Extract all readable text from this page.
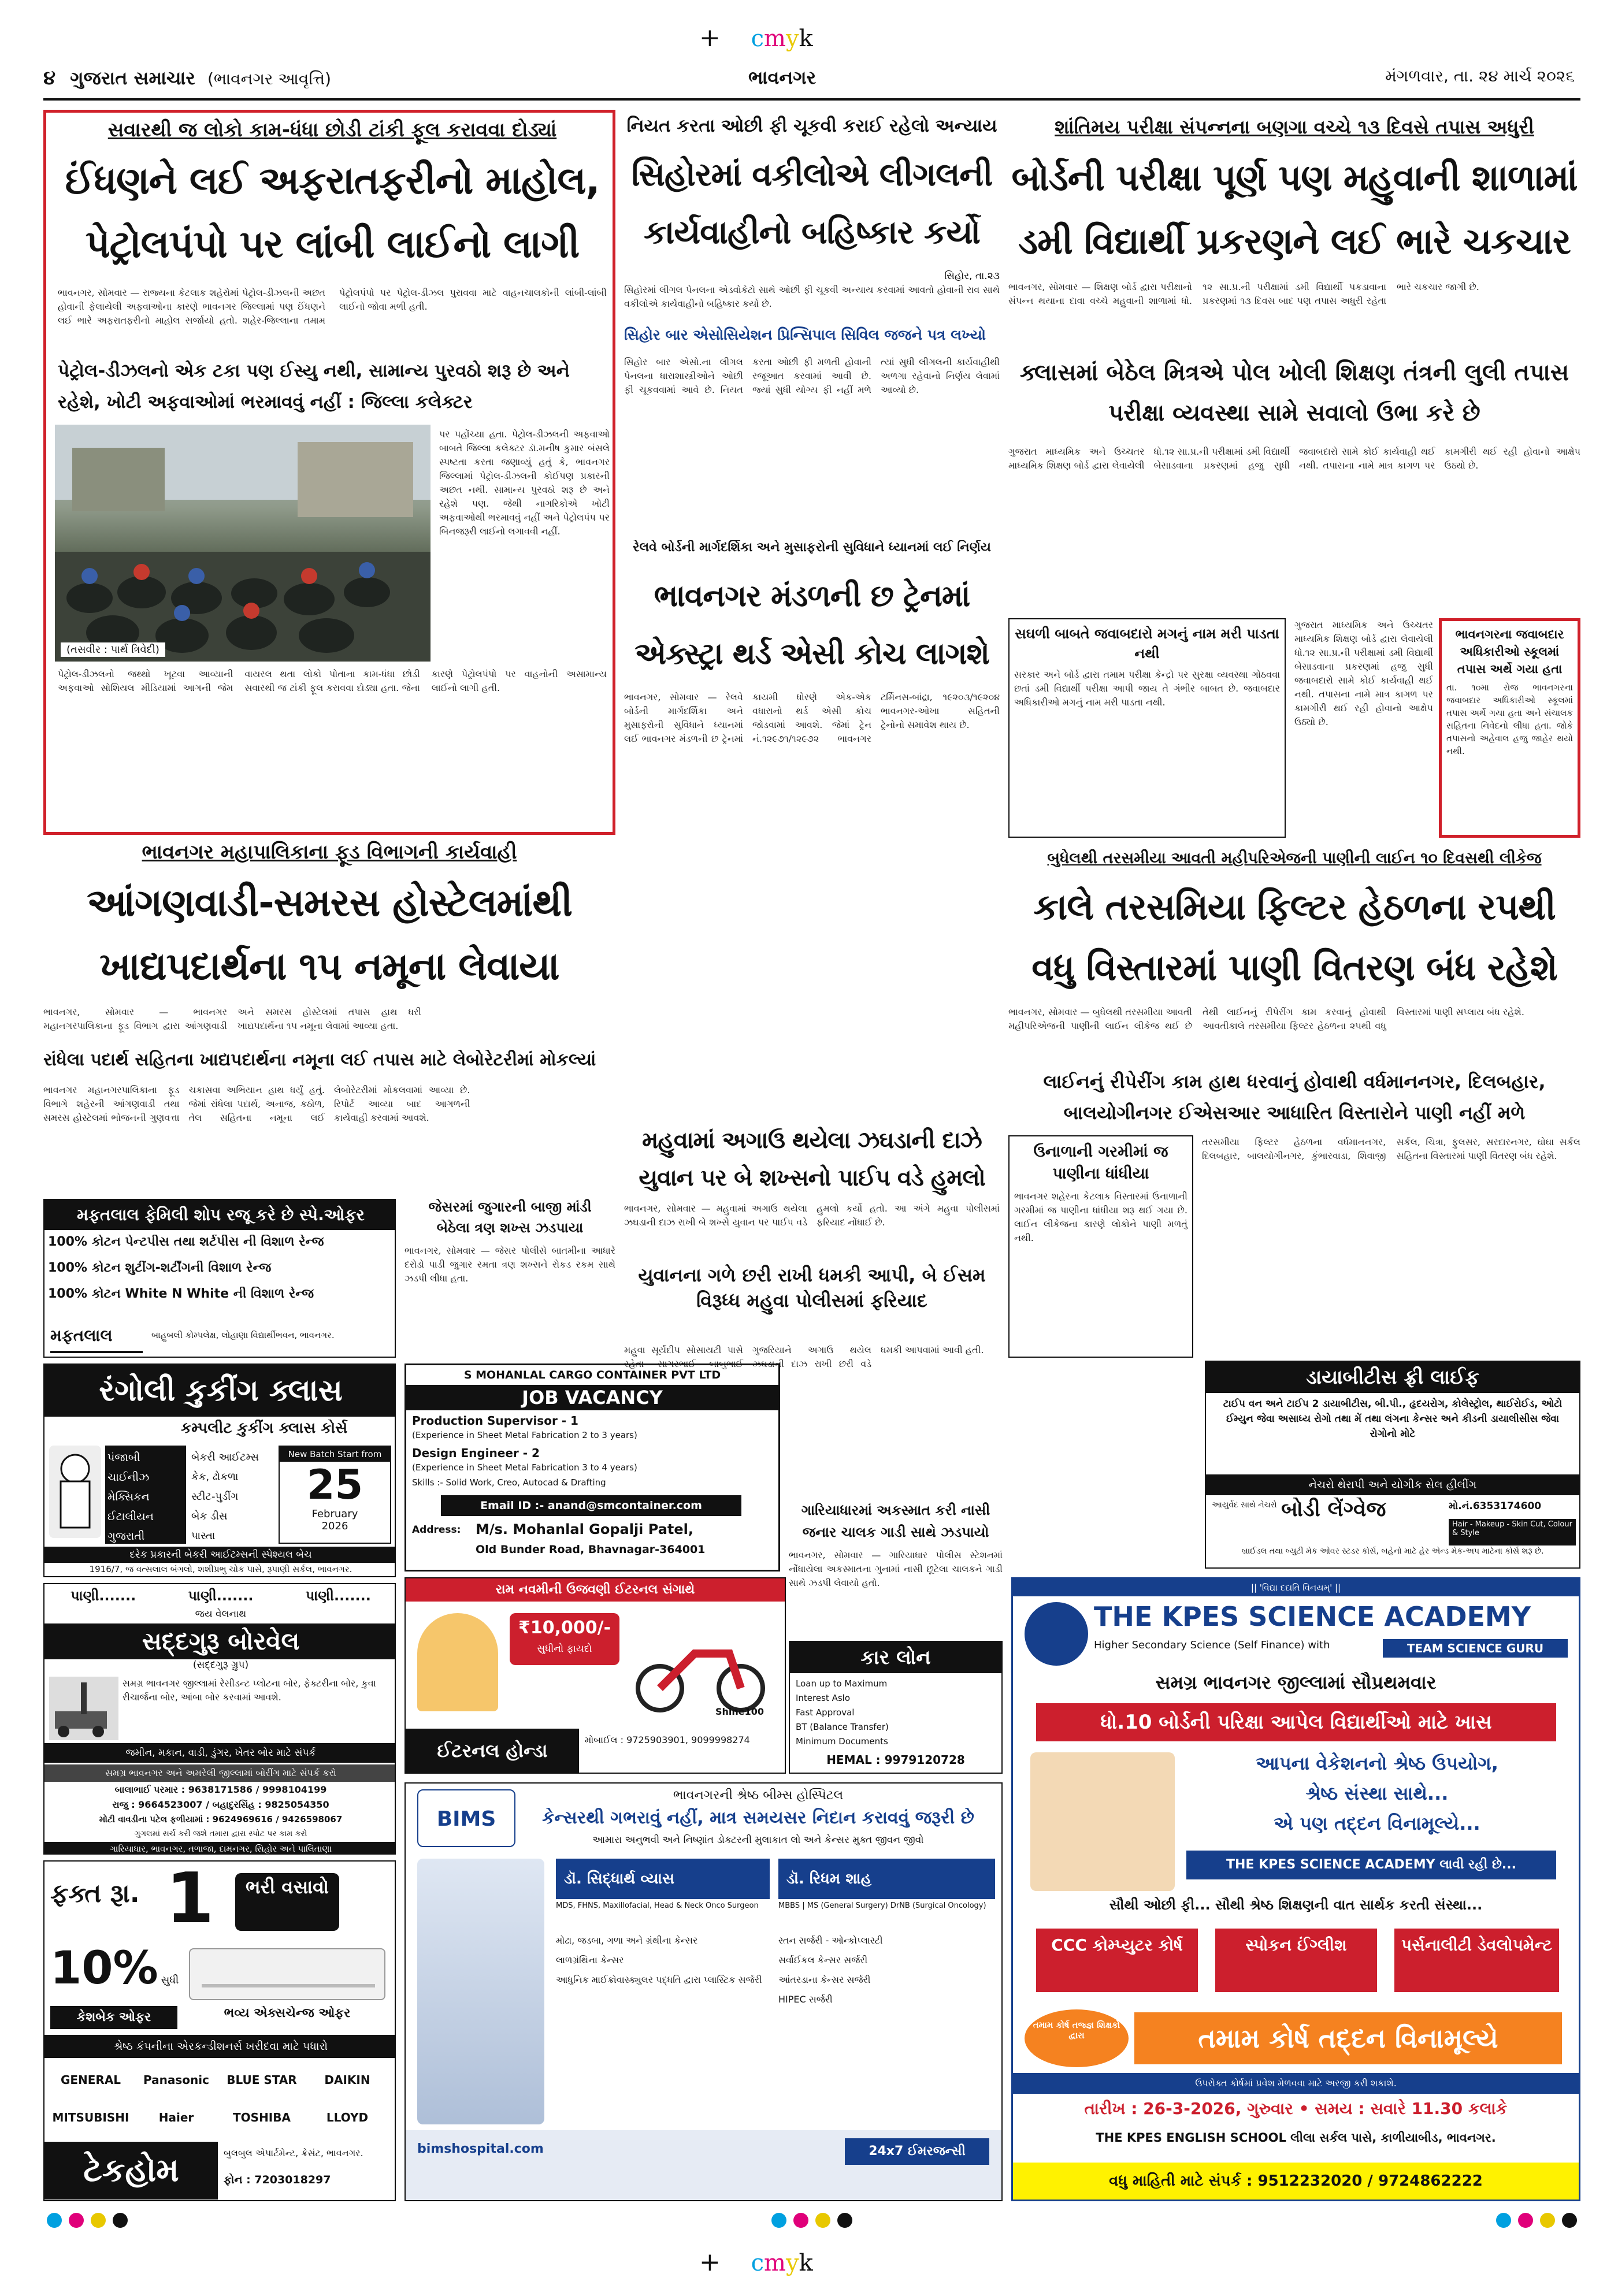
+ cmyk
૪ ગુજરાત સમાચાર (ભાવનગર આવૃત્તિ)	ભાવનગર	મંગળવાર, તા. ૨૪ માર્ચ ૨૦૨૬
સવારથી જ લોકો કામ-ધંધા છોડી ટાંકી ફૂલ કરાવવા દોડ્યાં
ઈંધણને લઈ અફરાતફરીનો માહોલ,
પેટ્રોલપંપો પર લાંબી લાઈનો લાગી
ભાવનગર, સોમવાર — રાજ્યના કેટલાક શહેરોમાં પેટ્રોલ-ડીઝલની અછત હોવાની ફેલાયેલી અફવાઓના કારણે ભાવનગર જિલ્લામાં પણ ઈંધણને લઈ ભારે અફરાતફરીનો માહોલ સર્જાયો હતો. શહેર-જિલ્લાના તમામ પેટ્રોલપંપો પર પેટ્રોલ-ડીઝલ પુરાવવા માટે વાહનચાલકોની લાંબી-લાંબી લાઈનો જોવા મળી હતી.
પેટ્રોલ-ડીઝલનો એક ટકા પણ ઈસ્યુ નથી, સામાન્ય પુરવઠો શરૂ છે અને રહેશે, ખોટી અફવાઓમાં ભરમાવવું નહીં : જિલ્લા કલેક્ટર
(તસવીર : પાર્થ ત્રિવેદી)
પર પહોંચ્યા હતા. પેટ્રોલ-ડીઝલની અફવાઓ બાબતે જિલ્લા કલેક્ટર ડૉ.મનીષ કુમાર બંસલે સ્પષ્ટતા કરતા જણાવ્યું હતું કે, ભાવનગર જિલ્લામાં પેટ્રોલ-ડીઝલની કોઈપણ પ્રકારની અછત નથી. સામાન્ય પુરવઠો શરૂ છે અને રહેશે પણ. જેથી નાગરિકોએ ખોટી અફવાઓથી ભરમાવવું નહીં અને પેટ્રોલપંપ પર બિનજરૂરી લાઈનો લગાવવી નહીં.
પેટ્રોલ-ડીઝલનો જથ્થો ખૂટવા આવ્યાની અફવાઓ સોશિયલ મીડિયામાં આગની જેમ વાયરલ થતા લોકો પોતાના કામ-ધંધા છોડી સવારથી જ ટાંકી ફૂલ કરાવવા દોડ્યા હતા. જેના કારણે પેટ્રોલપંપો પર વાહનોની અસામાન્ય લાઈનો લાગી હતી.
નિયત કરતા ઓછી ફી ચૂકવી કરાઈ રહેલો અન્યાય
સિહોરમાં વકીલોએ લીગલની
કાર્યવાહીનો બહિષ્કાર કર્યો
સિહોર, તા.૨૩
સિહોરમાં લીગલ પેનલના એડવોકેટો સાથે ઓછી ફી ચૂકવી અન્યાય કરવામાં આવતો હોવાની રાવ સાથે વકીલોએ કાર્યવાહીનો બહિષ્કાર કર્યો છે.
સિહોર બાર એસોસિયેશન પ્રિન્સિપાલ સિવિલ જજને પત્ર લખ્યો
સિહોર બાર એસો.ના લીગલ પેનલના ધારાશાસ્ત્રીઓને ઓછી ફી ચૂકવવામાં આવે છે. નિયત કરતા ઓછી ફી મળતી હોવાની રજૂઆત કરવામાં આવી છે. જ્યાં સુધી યોગ્ય ફી નહીં મળે ત્યાં સુધી લીગલની કાર્યવાહીથી અળગા રહેવાનો નિર્ણય લેવામાં આવ્યો છે.
શાંતિમય પરીક્ષા સંપન્નના બણગા વચ્ચે ૧૩ દિવસે તપાસ અધુરી
બોર્ડની પરીક્ષા પૂર્ણ પણ મહુવાની શાળામાં
ડમી વિદ્યાર્થી પ્રકરણને લઈ ભારે ચકચાર
ભાવનગર, સોમવાર — શિક્ષણ બોર્ડ દ્વારા પરીક્ષાનો સંપન્ન થયાના દાવા વચ્ચે મહુવાની શાળામાં ધો. ૧૨ સા.પ્ર.ની પરીક્ષામાં ડમી વિદ્યાર્થી પકડાવાના પ્રકરણમાં ૧૩ દિવસ બાદ પણ તપાસ અધુરી રહેતા ભારે ચકચાર જાગી છે.
ક્લાસમાં બેઠેલ મિત્રએ પોલ ખોલી શિક્ષણ તંત્રની લુલી તપાસ પરીક્ષા વ્યવસ્થા સામે સવાલો ઉભા કરે છે
ગુજરાત માધ્યમિક અને ઉચ્ચતર માધ્યમિક શિક્ષણ બોર્ડ દ્વારા લેવાયેલી ધો.૧૨ સા.પ્ર.ની પરીક્ષામાં ડમી વિદ્યાર્થી બેસાડવાના પ્રકરણમાં હજુ સુધી જવાબદારો સામે કોઈ કાર્યવાહી થઈ નથી. તપાસના નામે માત્ર કાગળ પર કામગીરી થઈ રહી હોવાનો આક્ષેપ ઉઠ્યો છે.
સઘળી બાબતે જવાબદારો મગનું નામ મરી પાડતા નથી
સરકાર અને બોર્ડ દ્વારા તમામ પરીક્ષા કેન્દ્રો પર સુરક્ષા વ્યવસ્થા ગોઠવવા છતાં ડમી વિદ્યાર્થી પરીક્ષા આપી જાય તે ગંભીર બાબત છે. જવાબદાર અધિકારીઓ મગનું નામ મરી પાડતા નથી.
ગુજરાત માધ્યમિક અને ઉચ્ચતર માધ્યમિક શિક્ષણ બોર્ડ દ્વારા લેવાયેલી ધો.૧૨ સા.પ્ર.ની પરીક્ષામાં ડમી વિદ્યાર્થી બેસાડવાના પ્રકરણમાં હજુ સુધી જવાબદારો સામે કોઈ કાર્યવાહી થઈ નથી. તપાસના નામે માત્ર કાગળ પર કામગીરી થઈ રહી હોવાનો આક્ષેપ ઉઠ્યો છે.
ભાવનગરના જવાબદાર અધિકારીઓ સ્કૂલમાં તપાસ અર્થે ગયા હતા
તા. ૧૦મા રોજ ભાવનગરના જવાબદાર અધિકારીઓ સ્કૂલમાં તપાસ અર્થે ગયા હતા અને સંચાલક સહિતના નિવેદનો લીધા હતા. જોકે તપાસનો અહેવાલ હજુ જાહેર થયો નથી.
રેલવે બોર્ડની માર્ગદર્શિકા અને મુસાફરોની સુવિધાને ધ્યાનમાં લઈ નિર્ણય
ભાવનગર મંડળની છ ટ્રેનમાં
એક્સ્ટ્રા થર્ડ એસી કોચ લાગશે
ભાવનગર, સોમવાર — રેલવે બોર્ડની માર્ગદર્શિકા અને મુસાફરોની સુવિધાને ધ્યાનમાં લઈ ભાવનગર મંડળની છ ટ્રેનમાં કાયમી ધોરણે એક-એક વધારાનો થર્ડ એસી કોચ જોડવામાં આવશે. જેમાં ટ્રેન નં.૧૨૯૭૧/૧૨૯૭૨ ભાવનગર ટર્મિનસ-બાંદ્રા, ૧૯૨૦૩/૧૯૨૦૪ ભાવનગર-ઓખા સહિતની ટ્રેનોનો સમાવેશ થાય છે.
ભાવનગર મહાપાલિકાના ફૂડ વિભાગની કાર્યવાહી
આંગણવાડી-સમરસ હોસ્ટેલમાંથી
ખાદ્યપદાર્થના ૧૫ નમૂના લેવાયા
ભાવનગર, સોમવાર — ભાવનગર મહાનગરપાલિકાના ફૂડ વિભાગ દ્વારા આંગણવાડી અને સમરસ હોસ્ટેલમાં તપાસ હાથ ધરી ખાદ્યપદાર્થના ૧૫ નમૂના લેવામાં આવ્યા હતા.
રાંધેલા પદાર્થ સહિતના ખાદ્યપદાર્થના નમૂના લઈ તપાસ માટે લેબોરેટરીમાં મોકલ્યાં
ભાવનગર મહાનગરપાલિકાના ફૂડ વિભાગે શહેરની આંગણવાડી તથા સમરસ હોસ્ટેલમાં ભોજનની ગુણવત્તા ચકાસવા અભિયાન હાથ ધર્યું હતું. જેમાં રાંધેલા પદાર્થ, અનાજ, કઠોળ, તેલ સહિતના નમૂના લઈ લેબોરેટરીમાં મોકલવામાં આવ્યા છે. રિપોર્ટ આવ્યા બાદ આગળની કાર્યવાહી કરવામાં આવશે.
બુધેલથી તરસમીયા આવતી મહીપરિએજની પાણીની લાઈન ૧૦ દિવસથી લીકેજ
કાલે તરસમિયા ફિલ્ટર હેઠળના રપથી
વધુ વિસ્તારમાં પાણી વિતરણ બંધ રહેશે
ભાવનગર, સોમવાર — બુધેલથી તરસમીયા આવતી મહીપરિએજની પાણીની લાઈન લીકેજ થઈ છે તેથી લાઈનનું રીપેરીંગ કામ કરવાનું હોવાથી આવતીકાલે તરસમીયા ફિલ્ટર હેઠળના ૨૫થી વધુ વિસ્તારમાં પાણી સપ્લાય બંધ રહેશે.
લાઈનનું રીપેરીંગ કામ હાથ ધરવાનું હોવાથી વર્ધમાનનગર, દિલબહાર, બાલયોગીનગર ઈએસઆર આધારિત વિસ્તારોને પાણી નહીં મળે
ઉનાળાની ગરમીમાં જ પાણીના ધાંધીયા
ભાવનગર શહેરના કેટલાક વિસ્તારમાં ઉનાળાની ગરમીમાં જ પાણીના ધાંધીયા શરૂ થઈ ગયા છે. લાઈન લીકેજના કારણે લોકોને પાણી મળતું નથી.
તરસમીયા ફિલ્ટર હેઠળના વર્ધમાનનગર, દિલબહાર, બાલયોગીનગર, કુંભારવાડા, શિવાજી સર્કલ, ચિત્રા, ફુલસર, સરદારનગર, ઘોઘા સર્કલ સહિતના વિસ્તારમાં પાણી વિતરણ બંધ રહેશે.
મહુવામાં અગાઉ થયેલા ઝઘડાની દાઝે
યુવાન પર બે શખ્સનો પાઈપ વડે હુમલો
ભાવનગર, સોમવાર — મહુવામાં અગાઉ થયેલા ઝઘડાની દાઝ રાખી બે શખ્સે યુવાન પર પાઈપ વડે હુમલો કર્યો હતો. આ અંગે મહુવા પોલીસમાં ફરિયાદ નોંધાઈ છે.
યુવાનના ગળે છરી રાખી ધમકી આપી, બે ઈસમ વિરૂધ્ધ મહુવા પોલીસમાં ફરિયાદ
મહુવા સૂર્યદીપ સોસાયટી પાસે રહેતા સાગરભાઈ બાબુભાઈ ગુજરિયાને અગાઉ થયેલ ઝઘડાની દાઝ રાખી છરી વડે ધમકી આપવામાં આવી હતી.
જેસરમાં જુગારની બાજી માંડી
બેઠેલા ત્રણ શખ્સ ઝડપાયા
ભાવનગર, સોમવાર — જેસર પોલીસે બાતમીના આધારે દરોડો પાડી જુગાર રમતા ત્રણ શખ્સને રોકડ રકમ સાથે ઝડપી લીધા હતા.
મફતલાલ ફેમિલી શોપ રજૂ કરે છે સ્પે.ઓફર
100% કોટન પેન્ટપીસ તથા શર્ટપીસ ની વિશાળ રેન્જ
100% કોટન શુટીંગ-શર્ટીંગની વિશાળ રેન્જ
100% કોટન White N White ની વિશાળ રેન્જ
મફતલાલ	બાહુબલી કોમ્પલેક્ષ, લોહાણા વિદ્યાર્થીભવન, ભાવનગર.
રંગોલી કુકીંગ ક્લાસ
કમ્પલીટ કુકીંગ ક્લાસ કોર્સ
પંજાબી
ચાઈનીઝ
મેક્સિકન
ઈટાલીયન
ગુજરાતી
બેકરી આઈટમ્સ
કેક, ઢોકળા
સ્ટીટ-પુડીંગ
બેક ડીસ
પાસ્તા
New Batch Start from
25
February
2026
દરેક પ્રકારની બેકરી આઈટમ્સની સ્પેશ્યલ બેચ
1916/7, જ વત્સલાલ બંગલો, શશીપ્રભુ ચોક પાસે, રૂપાણી સર્કલ, ભાવનગર.
પાણી.......	પાણી.......	પાણી.......
જય વેલનાથ
સદ્દગુરૂ બોરવેલ
(સદ્દગુરૂ ગ્રુપ)
સમગ્ર ભાવનગર જીલ્લામાં રેસીડન્ટ પ્લોટના બોર, ફેક્ટરીના બોર, કુવા રીચાર્જના બોર, આંબા બોર કરવામાં આવશે.
જમીન, મકાન, વાડી, ડુંગર, ખેતર બોર માટે સંપર્ક
સમગ્ર ભાવનગર અને અમરેલી જીલ્લામાં બોરીંગ માટે સંપર્ક કરો
બાલાભાઈ પરમાર : 9638171586 / 9998104199
રાજુ : 9664523007 / બહાદુરસિંહ : 9825054350
મોટી વાવડીના પટેલ ફળીયામાં : 9624969616 / 9426598067
ગુગલમાં સર્ચ કરી જશે તમારા દ્વારા સ્પોટ પર કામ કરો
ગારિયાધાર, ભાવનગર, તળાજા, દામનગર, સિહોર અને પાલિતાણા
ફક્ત રૂા. 1	ભરી વસાવો
10% સુધી
કેશબેક ઓફર	ભવ્ય એક્સચેન્જ ઓફર
શ્રેષ્ઠ કંપનીના એરકન્ડીશનર્સ ખરીદવા માટે પધારો
GENERAL	Panasonic	BLUE STAR	DAIKIN
MITSUBISHI	Haier	TOSHIBA	LLOYD
ટેકહોમ	બુલબુલ એપાર્ટમેન્ટ, ક્રેસંટ, ભાવનગર.
ફોન : 7203018297
S MOHANLAL CARGO CONTAINER PVT LTD
JOB VACANCY
Production Supervisor - 1
(Experience in Sheet Metal Fabrication 2 to 3 years)
Design Engineer - 2
(Experience in Sheet Metal Fabrication 3 to 4 years)
Skills :- Solid Work, Creo, Autocad & Drafting
Email ID :- anand@smcontainer.com
Address:	M/s. Mohanlal Gopalji Patel,
Old Bunder Road, Bhavnagar-364001
રામ નવમીની ઉજવણી ઈટરનલ સંગાથે
₹10,000/-
સુધીનો ફાયદો
Shine100
ઈટરનલ હોન્ડા	મોબાઈલ : 9725903901, 9099998274
કાર લોન
Loan up to Maximum
Interest Aslo
Fast Approval
BT (Balance Transfer)
Minimum Documents
HEMAL : 9979120728
ગારિયાધારમાં અકસ્માત કરી નાસી
જનાર ચાલક ગાડી સાથે ઝડપાયો
ભાવનગર, સોમવાર — ગારિયાધાર પોલીસ સ્ટેશનમાં નોંધાયેલા અકસ્માતના ગુનામાં નાસી છૂટેલા ચાલકને ગાડી સાથે ઝડપી લેવાયો હતો.
ભાવનગરની શ્રેષ્ઠ બીમ્સ હોસ્પિટલ
BIMS	કેન્સરથી ગભરાવું નહીં, માત્ર સમયસર નિદાન કરાવવું જરૂરી છે
આમારા અનુભવી અને નિષ્ણાંત ડોક્ટરની મુલાકાત લો અને કેન્સર મુક્ત જીવન જીવો
ડૉ. સિદ્ધાર્થ વ્યાસ
MDS, FHNS, Maxillofacial, Head & Neck Onco Surgeon
ડૉ. રિધમ શાહ
MBBS | MS (General Surgery) DrNB (Surgical Oncology)
મોઢા, જડબા, ગળા અને ગ્રંથીના કેન્સર
લાળગ્રંથિના કેન્સર
આધુનિક માઈક્રોવાસ્ક્યુલર પદ્ધતિ દ્વારા પ્લાસ્ટિક સર્જરી
સ્તન સર્જરી - ઓન્કોપ્લાસ્ટી
સર્વાઈકલ કેન્સર સર્જરી
આંતરડાના કેન્સર સર્જરી
HIPEC સર્જરી
bimshospital.com	24x7 ઈમરજન્સી
ડાયાબીટીસ ફ્રી લાઈફ
ટાઈપ વન અને ટાઈપ 2 ડાયાબીટીસ, બી.પી., હૃદયરોગ, કોલેસ્ટ્રોલ, થાઈરોઈડ, ઓટો ઈમ્યુન જેવા અસાધ્ય રોગો તથા મેં તથા લંગના કેન્સર અને કીડની ડાયાલીસીસ જેવા રોગોનો મોટે
નેચરો થેરાપી અને યોગીક સેલ હીલીંગ
આયુર્વેદ સાથે નેચરો બોડી લેંગ્વેજ	મો.નં.6353174600
Hair - Makeup - Skin Cut, Colour & Style
બ્રાઈડલ તથા બ્યુટી મેક ઓવર સ્ટડર કોર્સ, બહેનો માટે હેર એન્ડ મેક-અપ માટેના કોર્સ શરૂ છે.
|| 'વિદ્યા દદાતિ વિનયમ્' ||
THE KPES SCIENCE ACADEMY
Higher Secondary Science (Self Finance) with	TEAM SCIENCE GURU
સમગ્ર ભાવનગર જીલ્લામાં સૌપ્રથમવાર
ધો.10 બોર્ડની પરિક્ષા આપેલ વિદ્યાર્થીઓ માટે ખાસ
આપના વેકેશનનો શ્રેષ્ઠ ઉપયોગ,
શ્રેષ્ઠ સંસ્થા સાથે...
એ પણ તદ્દન વિનામૂલ્યે...
THE KPES SCIENCE ACADEMY લાવી રહી છે...
સૌથી ઓછી ફી... સૌથી શ્રેષ્ઠ શિક્ષણની વાત સાર્થક કરતી સંસ્થા...
CCC કોમ્પ્યુટર કોર્ષ	સ્પોકન ઈંગ્લીશ	પર્સનાલીટી ડેવલોપમેન્ટ
તમામ કોર્ષ તજ્જ્ઞ શિક્ષકો દ્વારા	તમામ કોર્ષ તદ્દન વિનામૂલ્યે
ઉપરોક્ત કોર્ષમાં પ્રવેશ મેળવવા માટે અરજી કરી શકાશે.
તારીખ : 26-3-2026, ગુરુવાર • સમય : સવારે 11.30 કલાકે
THE KPES ENGLISH SCHOOL લીલા સર્કલ પાસે, કાળીયાબીડ, ભાવનગર.
વધુ માહિતી માટે સંપર્ક : 9512232020 / 9724862222
+ cmyk
